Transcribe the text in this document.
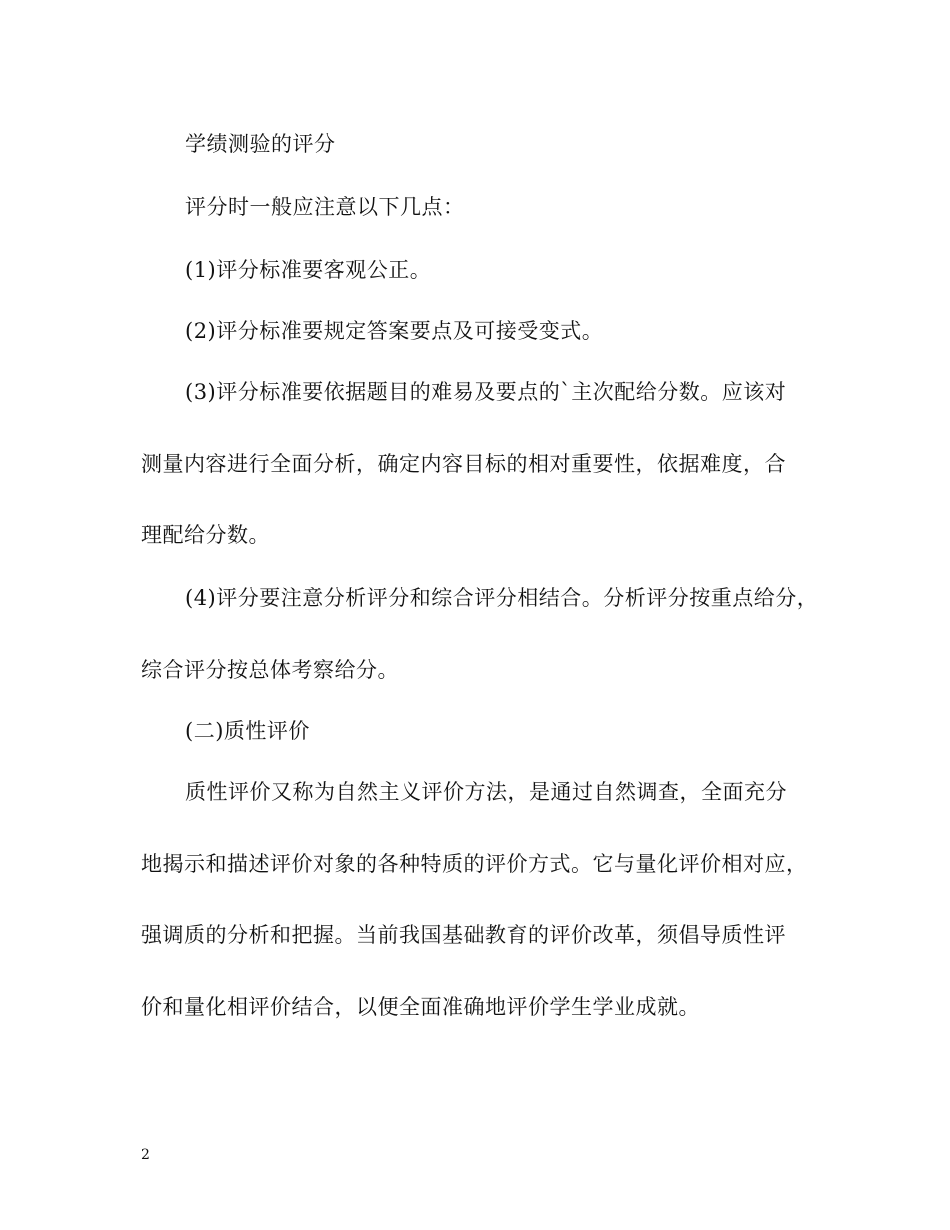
学绩测验的评分
评分时一般应注意以下几点：
(1)评分标准要客观公正。
(2)评分标准要规定答案要点及可接受变式。
(3)评分标准要依据题目的难易及要点的`主次配给分数。应该对
测量内容进行全面分析，确定内容目标的相对重要性，依据难度，合
理配给分数。
(4)评分要注意分析评分和综合评分相结合。分析评分按重点给分，
综合评分按总体考察给分。
(二)质性评价
质性评价又称为自然主义评价方法，是通过自然调查，全面充分
地揭示和描述评价对象的各种特质的评价方式。它与量化评价相对应，
强调质的分析和把握。当前我国基础教育的评价改革，须倡导质性评
价和量化相评价结合，以便全面准确地评价学生学业成就。
2
